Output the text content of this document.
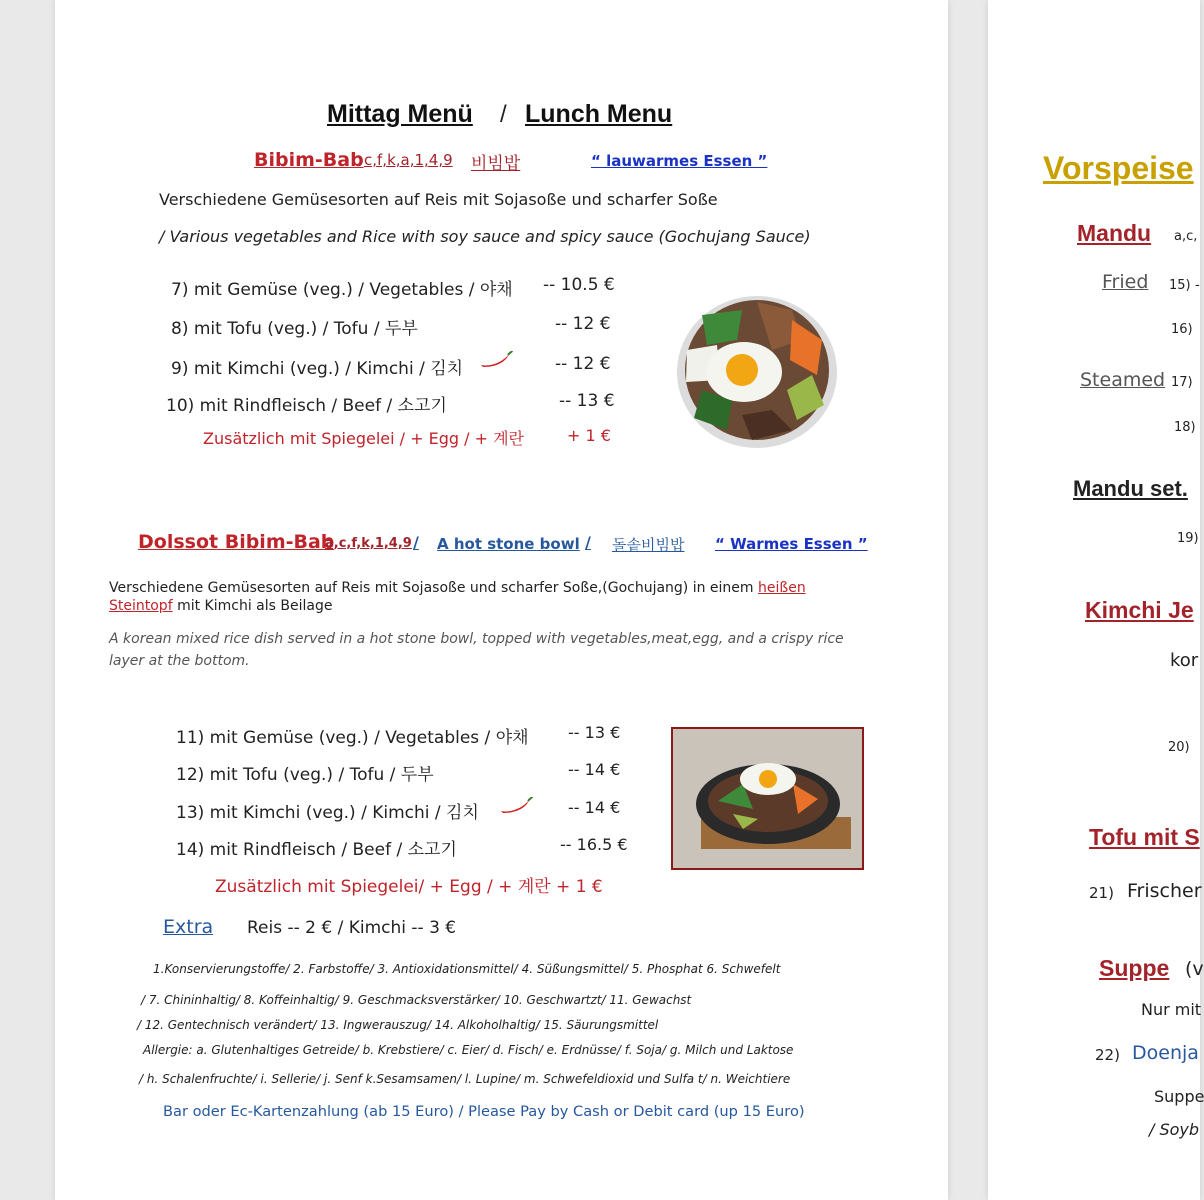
Mittag Menü / Lunch Menu
Bibim-Bab c,f,k,a,1,4,9 비빔밥	“ lauwarmes Essen ”
Verschiedene Gemüsesorten auf Reis mit Sojasoße und scharfer Soße
/ Various vegetables and Rice with soy sauce and spicy sauce (Gochujang Sauce)
7) mit Gemüse (veg.) / Vegetables / 야채 -- 10.5 €
8) mit Tofu (veg.) / Tofu / 두부	-- 12 €
9) mit Kimchi (veg.) / Kimchi / 김치	-- 12 €
10) mit Rindfleisch / Beef / 소고기	-- 13 €
Zusätzlich mit Spiegelei / + Egg / + 계란	+ 1 €
Dolssot Bibim-Bab
a,c,f,k,1,4,9 / A hot stone bowl / 돌솥비빔밥 “ Warmes Essen ”
Verschiedene Gemüsesorten auf Reis mit Sojasoße und scharfer Soße,(Gochujang) in einem heißen
Steintopf mit Kimchi als Beilage
A korean mixed rice dish served in a hot stone bowl, topped with vegetables,meat,egg, and a crispy rice
layer at the bottom.
11) mit Gemüse (veg.) / Vegetables / 야채 -- 13 €
12) mit Tofu (veg.) / Tofu / 두부	-- 14 €
13) mit Kimchi (veg.) / Kimchi / 김치	-- 14 €
14) mit Rindfleisch / Beef / 소고기	-- 16.5 €
Zusätzlich mit Spiegelei/ + Egg / + 계란 + 1 €
Extra Reis -- 2 € / Kimchi -- 3 €
1.Konservierungstoffe/ 2. Farbstoffe/ 3. Antioxidationsmittel/ 4. Süßungsmittel/ 5. Phosphat 6. Schwefelt
/ 7. Chininhaltig/ 8. Koffeinhaltig/ 9. Geschmacksverstärker/ 10. Geschwartzt/ 11. Gewachst
/ 12. Gentechnisch verändert/ 13. Ingwerauszug/ 14. Alkoholhaltig/ 15. Säurungsmittel
Allergie: a. Glutenhaltiges Getreide/ b. Krebstiere/ c. Eier/ d. Fisch/ e. Erdnüsse/ f. Soja/ g. Milch und Laktose
/ h. Schalenfruchte/ i. Sellerie/ j. Senf k.Sesamsamen/ l. Lupine/ m. Schwefeldioxid und Sulfa t/ n. Weichtiere
Bar oder Ec-Kartenzahlung (ab 15 Euro) / Please Pay by Cash or Debit card (up 15 Euro)
Vorspeise
Mandu a,c,
Fried 15) -
16)
Steamed 17)
18)
Mandu set.
19)
Kimchi Je
kor
20)
Tofu mit S
21) Frischer
Suppe (v
Nur mit
22) Doenja
Suppe
/ Soyb
